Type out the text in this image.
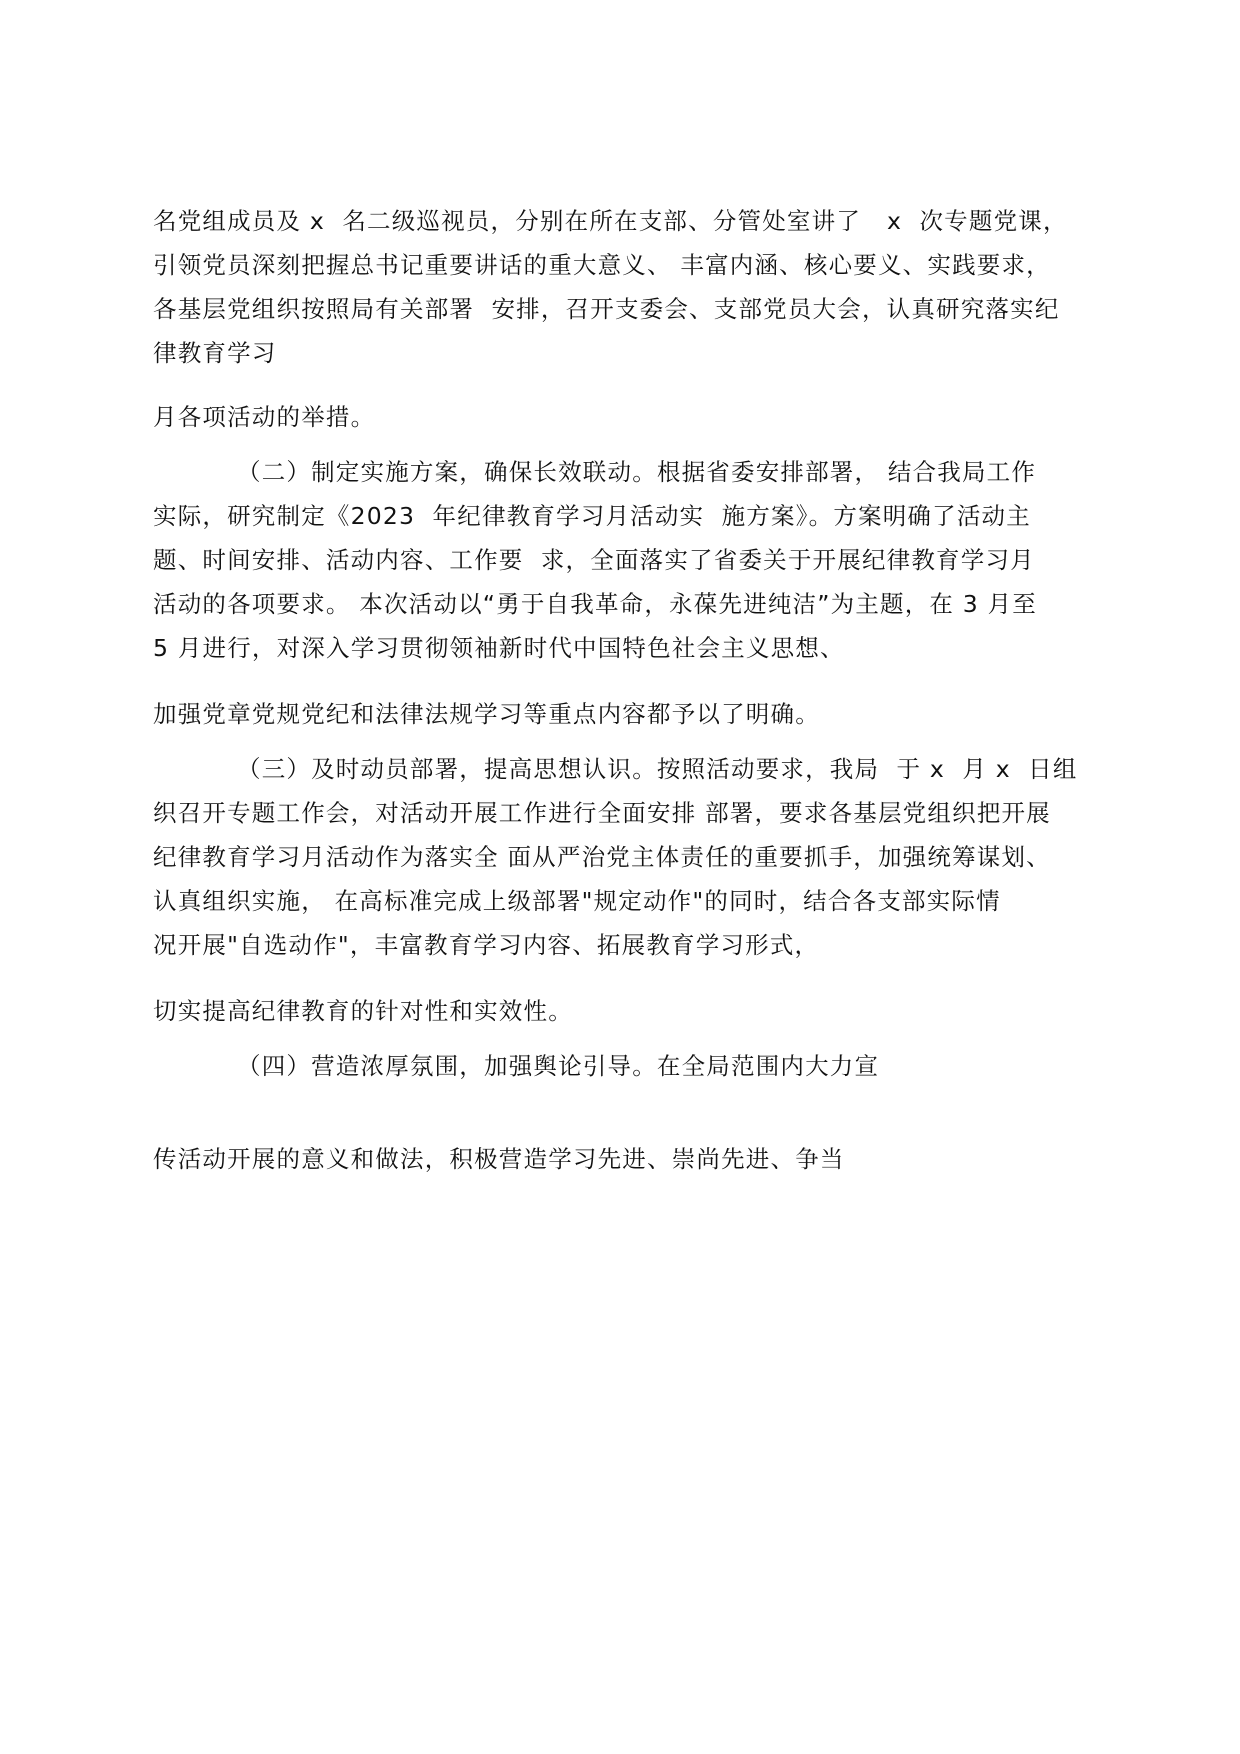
名党组成员及 x  名二级巡视员，分别在所在支部、分管处室讲了   x  次专题党课，
引领党员深刻把握总书记重要讲话的重大意义、 丰富内涵、核心要义、实践要求，
各基层党组织按照局有关部署  安排，召开支委会、支部党员大会，认真研究落实纪
律教育学习
月各项活动的举措。
（二）制定实施方案，确保长效联动。根据省委安排部署， 结合我局工作
实际，研究制定《2023  年纪律教育学习月活动实  施方案》。方案明确了活动主
题、时间安排、活动内容、工作要  求，全面落实了省委关于开展纪律教育学习月
活动的各项要求。 本次活动以“勇于自我革命，永葆先进纯洁”为主题，在 3 月至
5 月进行，对深入学习贯彻领袖新时代中国特色社会主义思想、
加强党章党规党纪和法律法规学习等重点内容都予以了明确。
（三）及时动员部署，提高思想认识。按照活动要求，我局  于 x  月 x  日组
织召开专题工作会，对活动开展工作进行全面安排 部署，要求各基层党组织把开展
纪律教育学习月活动作为落实全 面从严治党主体责任的重要抓手，加强统筹谋划、
认真组织实施， 在高标准完成上级部署"规定动作"的同时，结合各支部实际情
况开展"自选动作"，丰富教育学习内容、拓展教育学习形式，
切实提高纪律教育的针对性和实效性。
（四）营造浓厚氛围，加强舆论引导。在全局范围内大力宣
传活动开展的意义和做法，积极营造学习先进、崇尚先进、争当
